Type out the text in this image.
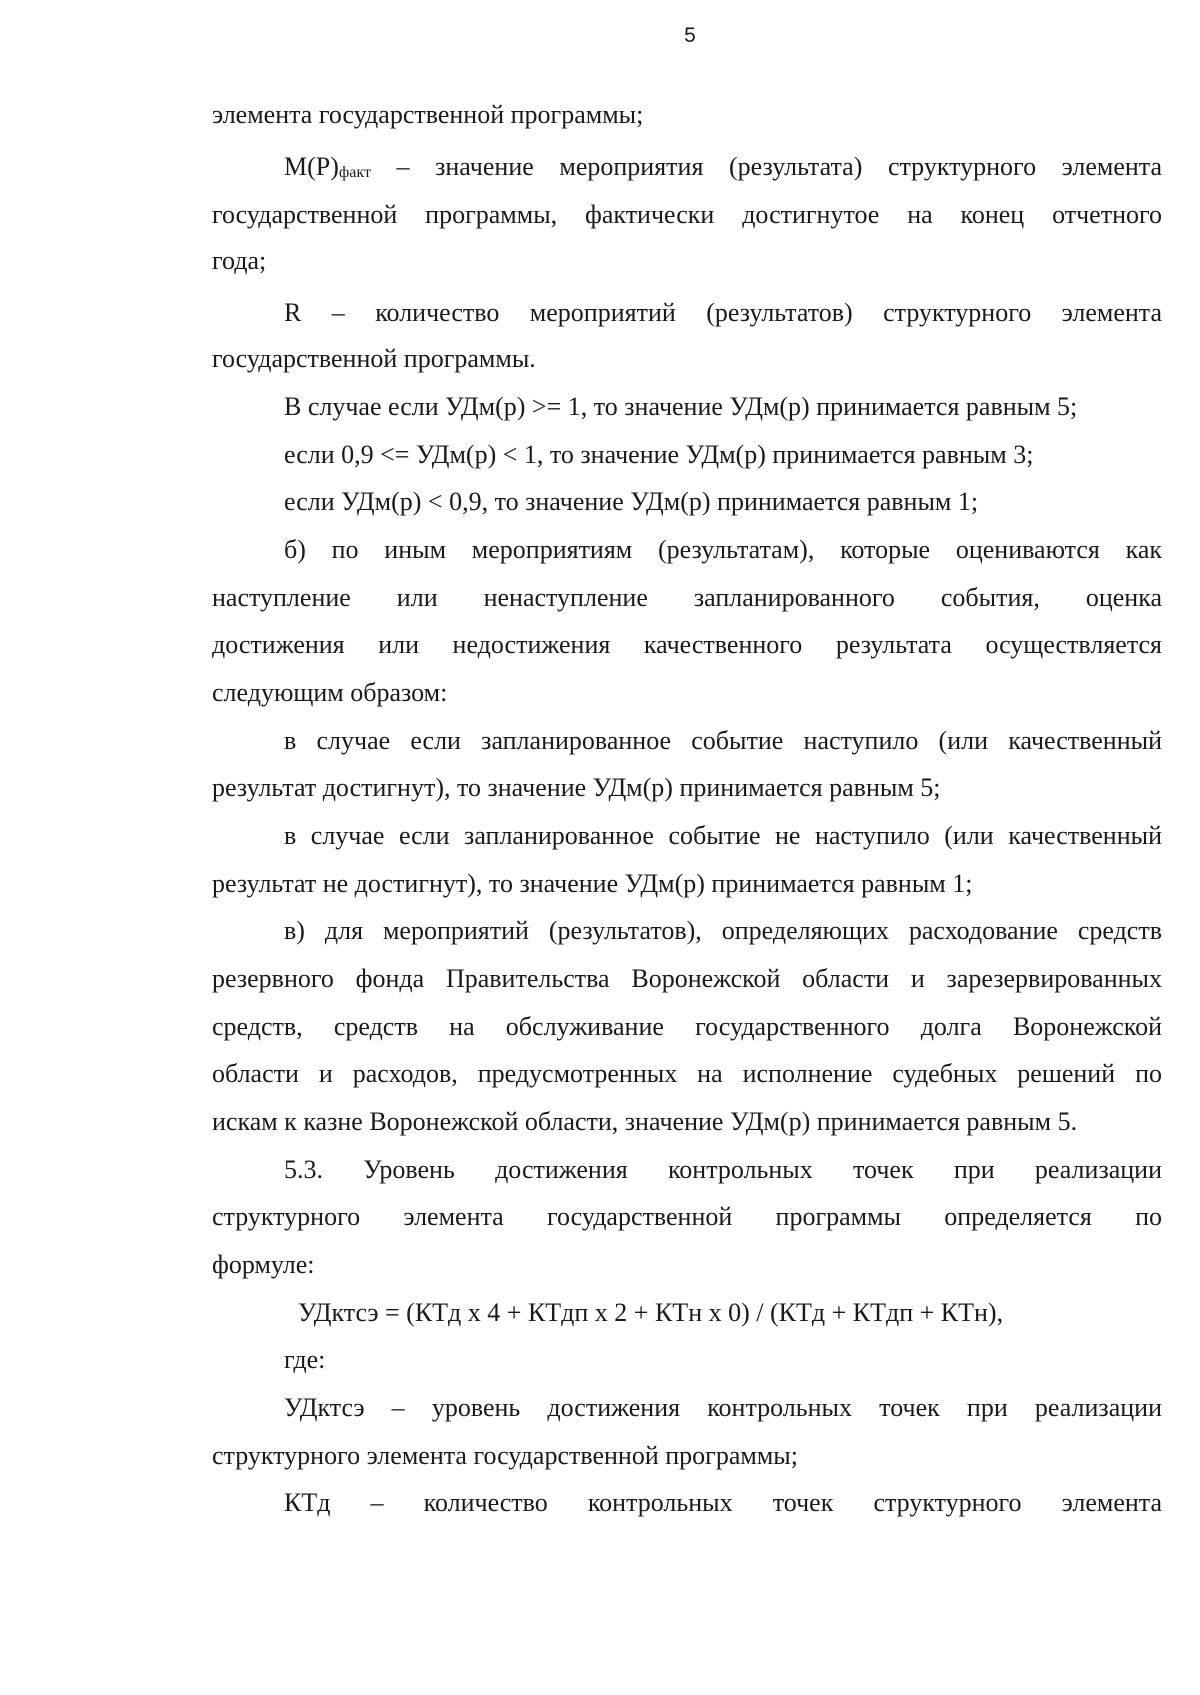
5
элемента государственной программы;
$М(Р)_{факт}$ – значение мероприятия (результата) структурного элемента
государственной программы, фактически достигнутое на конец отчетного
года;
R – количество мероприятий (результатов) структурного элемента
государственной программы.
В случае если УДм(р) >= 1, то значение УДм(р) принимается равным 5;
если 0,9 <= УДм(р) < 1, то значение УДм(р) принимается равным 3;
если УДм(р) < 0,9, то значение УДм(р) принимается равным 1;
б) по иным мероприятиям (результатам), которые оцениваются как
наступление или ненаступление запланированного события, оценка
достижения или недостижения качественного результата осуществляется
следующим образом:
в случае если запланированное событие наступило (или качественный
результат достигнут), то значение УДм(р) принимается равным 5;
в случае если запланированное событие не наступило (или качественный
результат не достигнут), то значение УДм(р) принимается равным 1;
в) для мероприятий (результатов), определяющих расходование средств
резервного фонда Правительства Воронежской области и зарезервированных
средств, средств на обслуживание государственного долга Воронежской
области и расходов, предусмотренных на исполнение судебных решений по
искам к казне Воронежской области, значение УДм(р) принимается равным 5.
5.3. Уровень достижения контрольных точек при реализации
структурного элемента государственной программы определяется по
формуле:
УДктсэ = (КТд х 4 + КТдп х 2 + КТн х 0) / (КТд + КТдп + КТн),
где:
УДктсэ – уровень достижения контрольных точек при реализации
структурного элемента государственной программы;
КТд – количество контрольных точек структурного элемента
